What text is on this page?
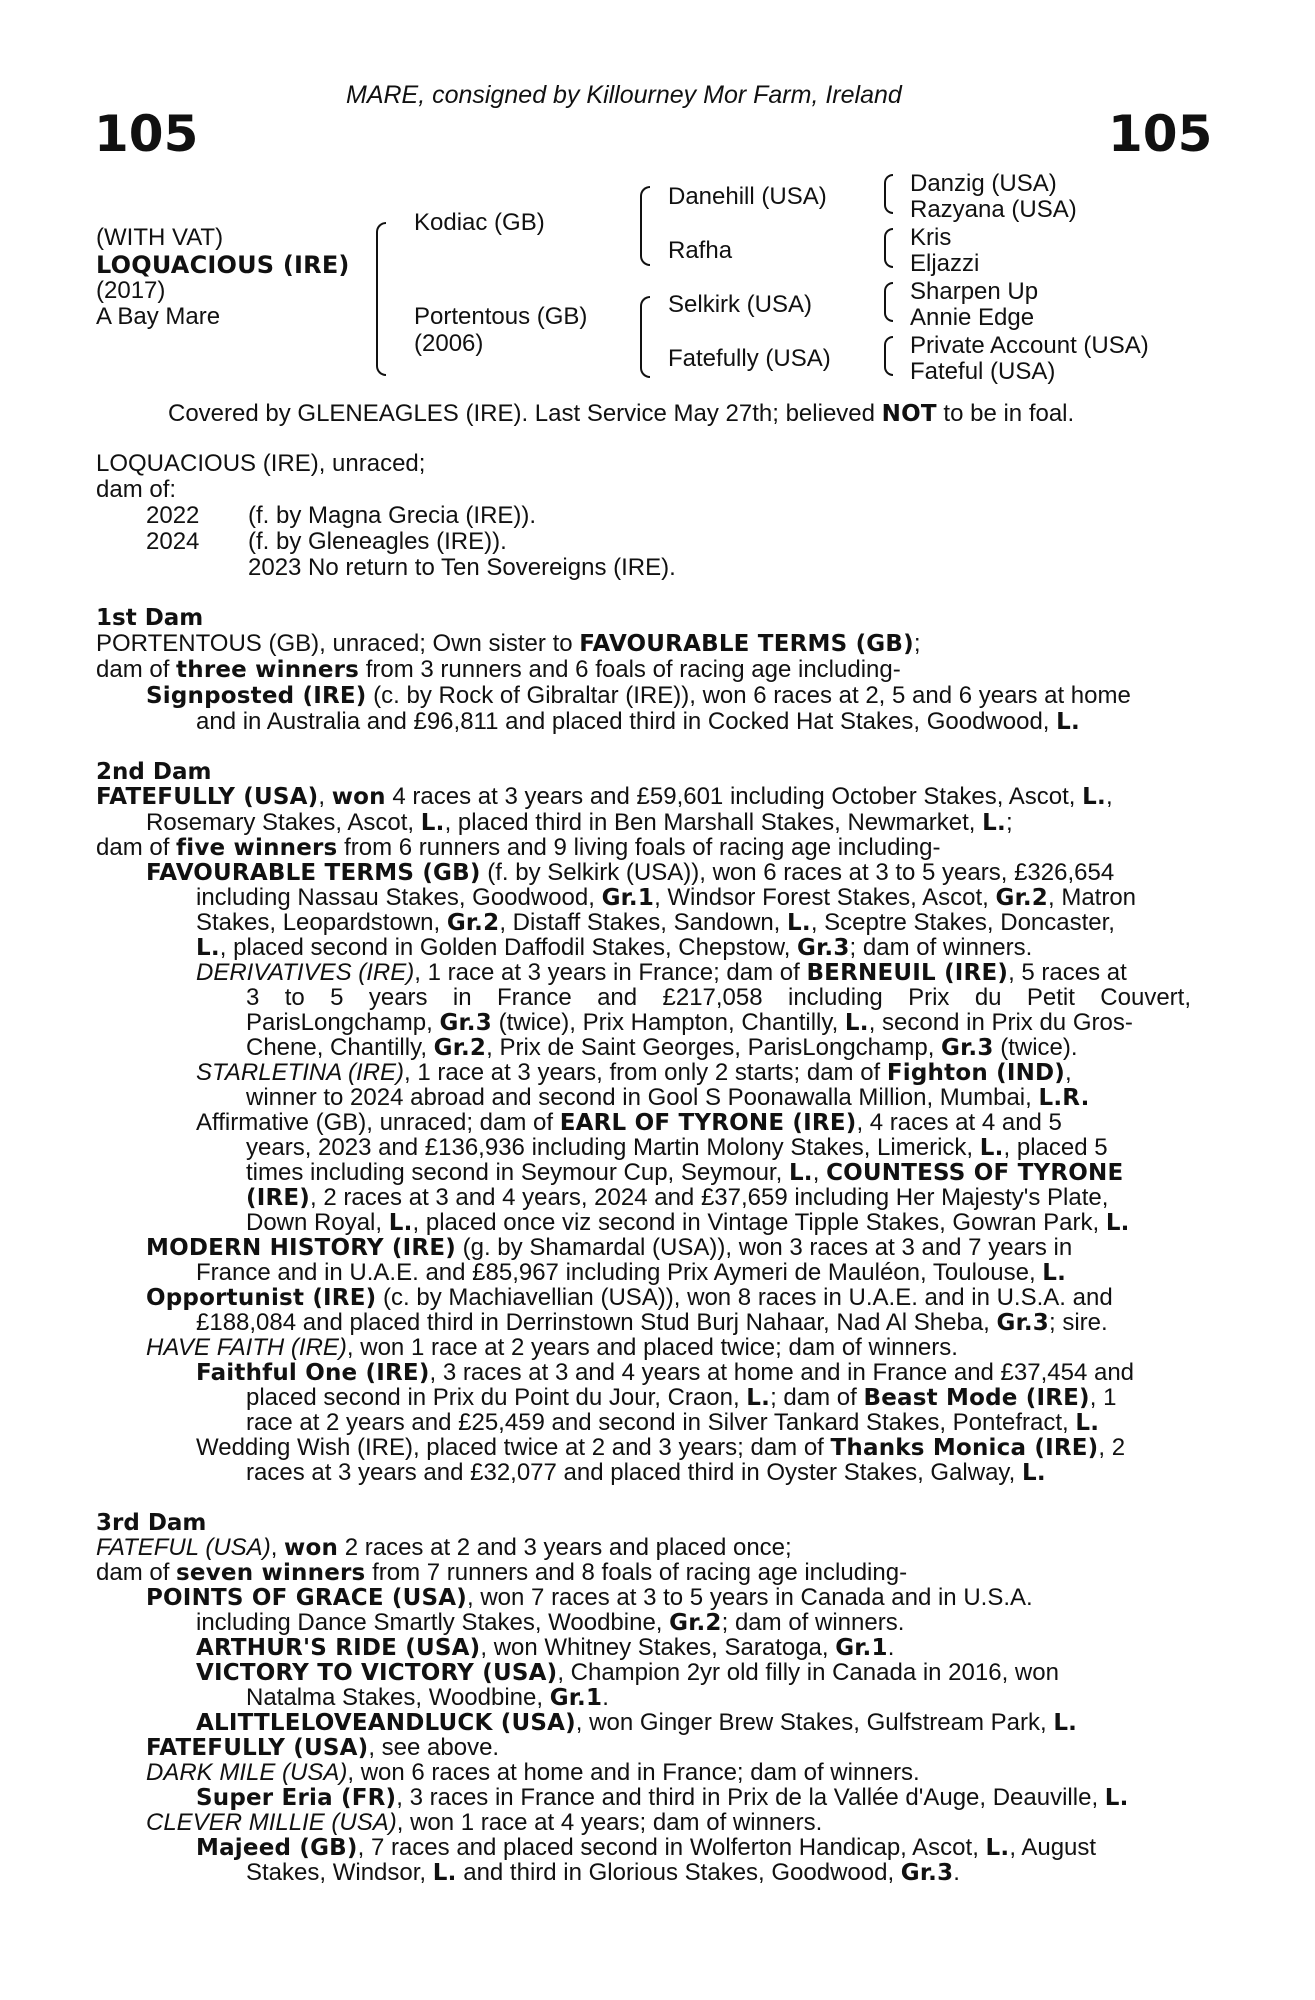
MARE, consigned by Killourney Mor Farm, Ireland
105	105
(WITH VAT)
LOQUACIOUS (IRE)
(2017)
A Bay Mare
Kodiac (GB)
Portentous (GB)
(2006)
Danehill (USA)
Rafha
Selkirk (USA)
Fatefully (USA)
Danzig (USA)
Razyana (USA)
Kris
Eljazzi
Sharpen Up
Annie Edge
Private Account (USA)
Fateful (USA)
Covered by GLENEAGLES (IRE). Last Service May 27th; believed NOT to be in foal.
LOQUACIOUS (IRE), unraced;
dam of:
2022 (f. by Magna Grecia (IRE)).
2024 (f. by Gleneagles (IRE)).
2023 No return to Ten Sovereigns (IRE).
1st Dam
PORTENTOUS (GB), unraced; Own sister to FAVOURABLE TERMS (GB);
dam of three winners from 3 runners and 6 foals of racing age including-
Signposted (IRE) (c. by Rock of Gibraltar (IRE)), won 6 races at 2, 5 and 6 years at home
and in Australia and £96,811 and placed third in Cocked Hat Stakes, Goodwood, L.
2nd Dam
FATEFULLY (USA), won 4 races at 3 years and £59,601 including October Stakes, Ascot, L.,
Rosemary Stakes, Ascot, L., placed third in Ben Marshall Stakes, Newmarket, L.;
dam of five winners from 6 runners and 9 living foals of racing age including-
FAVOURABLE TERMS (GB) (f. by Selkirk (USA)), won 6 races at 3 to 5 years, £326,654
including Nassau Stakes, Goodwood, Gr.1, Windsor Forest Stakes, Ascot, Gr.2, Matron
Stakes, Leopardstown, Gr.2, Distaff Stakes, Sandown, L., Sceptre Stakes, Doncaster,
L., placed second in Golden Daffodil Stakes, Chepstow, Gr.3; dam of winners.
DERIVATIVES (IRE), 1 race at 3 years in France; dam of BERNEUIL (IRE), 5 races at
3 to 5 years in France and £217,058 including Prix du Petit Couvert,
ParisLongchamp, Gr.3 (twice), Prix Hampton, Chantilly, L., second in Prix du Gros-
Chene, Chantilly, Gr.2, Prix de Saint Georges, ParisLongchamp, Gr.3 (twice).
STARLETINA (IRE), 1 race at 3 years, from only 2 starts; dam of Fighton (IND),
winner to 2024 abroad and second in Gool S Poonawalla Million, Mumbai, L.R.
Affirmative (GB), unraced; dam of EARL OF TYRONE (IRE), 4 races at 4 and 5
years, 2023 and £136,936 including Martin Molony Stakes, Limerick, L., placed 5
times including second in Seymour Cup, Seymour, L., COUNTESS OF TYRONE
(IRE), 2 races at 3 and 4 years, 2024 and £37,659 including Her Majesty's Plate,
Down Royal, L., placed once viz second in Vintage Tipple Stakes, Gowran Park, L.
MODERN HISTORY (IRE) (g. by Shamardal (USA)), won 3 races at 3 and 7 years in
France and in U.A.E. and £85,967 including Prix Aymeri de Mauléon, Toulouse, L.
Opportunist (IRE) (c. by Machiavellian (USA)), won 8 races in U.A.E. and in U.S.A. and
£188,084 and placed third in Derrinstown Stud Burj Nahaar, Nad Al Sheba, Gr.3; sire.
HAVE FAITH (IRE), won 1 race at 2 years and placed twice; dam of winners.
Faithful One (IRE), 3 races at 3 and 4 years at home and in France and £37,454 and
placed second in Prix du Point du Jour, Craon, L.; dam of Beast Mode (IRE), 1
race at 2 years and £25,459 and second in Silver Tankard Stakes, Pontefract, L.
Wedding Wish (IRE), placed twice at 2 and 3 years; dam of Thanks Monica (IRE), 2
races at 3 years and £32,077 and placed third in Oyster Stakes, Galway, L.
3rd Dam
FATEFUL (USA), won 2 races at 2 and 3 years and placed once;
dam of seven winners from 7 runners and 8 foals of racing age including-
POINTS OF GRACE (USA), won 7 races at 3 to 5 years in Canada and in U.S.A.
including Dance Smartly Stakes, Woodbine, Gr.2; dam of winners.
ARTHUR'S RIDE (USA), won Whitney Stakes, Saratoga, Gr.1.
VICTORY TO VICTORY (USA), Champion 2yr old filly in Canada in 2016, won
Natalma Stakes, Woodbine, Gr.1.
ALITTLELOVEANDLUCK (USA), won Ginger Brew Stakes, Gulfstream Park, L.
FATEFULLY (USA), see above.
DARK MILE (USA), won 6 races at home and in France; dam of winners.
Super Eria (FR), 3 races in France and third in Prix de la Vallée d'Auge, Deauville, L.
CLEVER MILLIE (USA), won 1 race at 4 years; dam of winners.
Majeed (GB), 7 races and placed second in Wolferton Handicap, Ascot, L., August
Stakes, Windsor, L. and third in Glorious Stakes, Goodwood, Gr.3.
